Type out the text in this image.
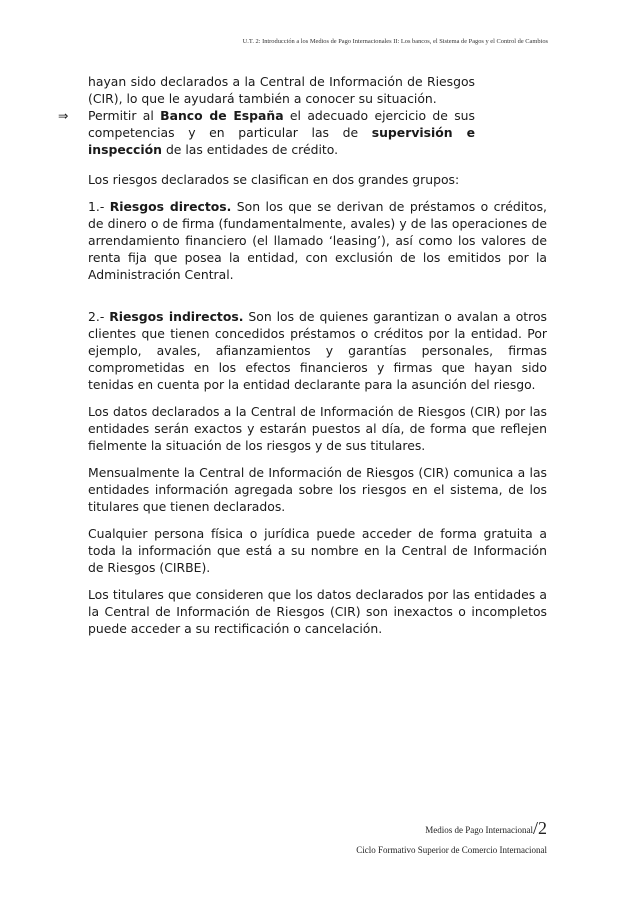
U.T. 2: Introducción a los Medios de Pago Internacionales II: Los bancos, el Sistema de Pagos y el Control de Cambios

hayan sido declarados a la Central de Información de Riesgos (CIR), lo que le ayudará también a conocer su situación.

⇒ Permitir al Banco de España el adecuado ejercicio de sus competencias y en particular las de supervisión e inspección de las entidades de crédito.

Los riesgos declarados se clasifican en dos grandes grupos:

1.- Riesgos directos. Son los que se derivan de préstamos o créditos, de dinero o de firma (fundamentalmente, avales) y de las operaciones de arrendamiento financiero (el llamado ‘leasing’), así como los valores de renta fija que posea la entidad, con exclusión de los emitidos por la Administración Central.

2.- Riesgos indirectos. Son los de quienes garantizan o avalan a otros clientes que tienen concedidos préstamos o créditos por la entidad. Por ejemplo, avales, afianzamientos y garantías personales, firmas comprometidas en los efectos financieros y firmas que hayan sido tenidas en cuenta por la entidad declarante para la asunción del riesgo.

Los datos declarados a la Central de Información de Riesgos (CIR) por las entidades serán exactos y estarán puestos al día, de forma que reflejen fielmente la situación de los riesgos y de sus titulares.

Mensualmente la Central de Información de Riesgos (CIR) comunica a las entidades información agregada sobre los riesgos en el sistema, de los titulares que tienen declarados.

Cualquier persona física o jurídica puede acceder de forma gratuita a toda la información que está a su nombre en la Central de Información de Riesgos (CIRBE).

Los titulares que consideren que los datos declarados por las entidades a la Central de Información de Riesgos (CIR) son inexactos o incompletos puede acceder a su rectificación o cancelación.

Medios de Pago Internacional/2
Ciclo Formativo Superior de Comercio Internacional
